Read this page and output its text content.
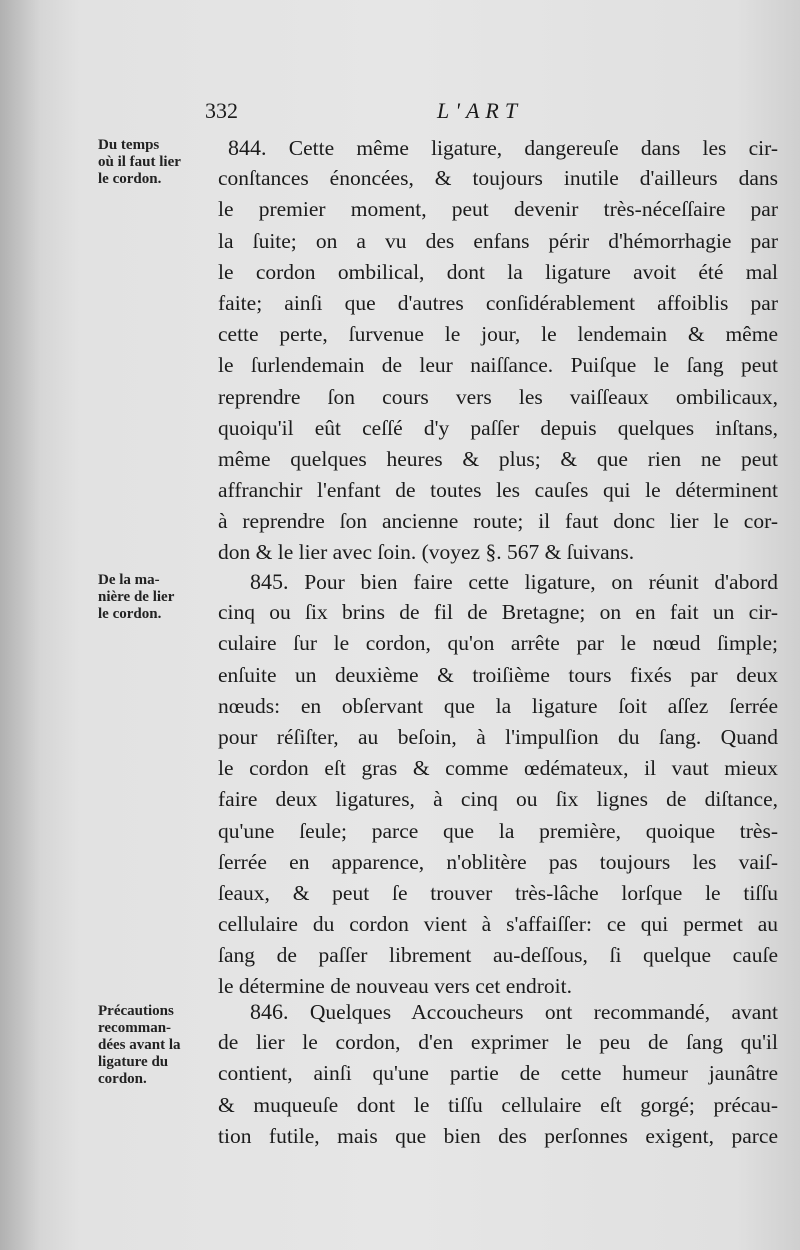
332	L'ART
Du temps
où il faut lier
le cordon.
844. Cette même ligature, dangereuſe dans les cir-
conſtances énoncées, & toujours inutile d'ailleurs dans
le premier moment, peut devenir très-néceſſaire par
la ſuite; on a vu des enfans périr d'hémorrhagie par
le cordon ombilical, dont la ligature avoit été mal
faite; ainſi que d'autres conſidérablement affoiblis par
cette perte, ſurvenue le jour, le lendemain & même
le ſurlendemain de leur naiſſance. Puiſque le ſang peut
reprendre ſon cours vers les vaiſſeaux ombilicaux,
quoiqu'il eût ceſſé d'y paſſer depuis quelques inſtans,
même quelques heures & plus; & que rien ne peut
affranchir l'enfant de toutes les cauſes qui le déterminent
à reprendre ſon ancienne route; il faut donc lier le cor-
don & le lier avec ſoin. (voyez §. 567 & ſuivans.
De la ma-
nière de lier
le cordon.
845. Pour bien faire cette ligature, on réunit d'abord
cinq ou ſix brins de fil de Bretagne; on en fait un cir-
culaire ſur le cordon, qu'on arrête par le nœud ſimple;
enſuite un deuxième & troiſième tours fixés par deux
nœuds: en obſervant que la ligature ſoit aſſez ſerrée
pour réſiſter, au beſoin, à l'impulſion du ſang. Quand
le cordon eſt gras & comme œdémateux, il vaut mieux
faire deux ligatures, à cinq ou ſix lignes de diſtance,
qu'une ſeule; parce que la première, quoique très-
ſerrée en apparence, n'oblitère pas toujours les vaiſ-
ſeaux, & peut ſe trouver très-lâche lorſque le tiſſu
cellulaire du cordon vient à s'affaiſſer: ce qui permet au
ſang de paſſer librement au-deſſous, ſi quelque cauſe
le détermine de nouveau vers cet endroit.
Précautions
recomman-
dées avant la
ligature du
cordon.
846. Quelques Accoucheurs ont recommandé, avant
de lier le cordon, d'en exprimer le peu de ſang qu'il
contient, ainſi qu'une partie de cette humeur jaunâtre
& muqueuſe dont le tiſſu cellulaire eſt gorgé; précau-
tion futile, mais que bien des perſonnes exigent, parce
